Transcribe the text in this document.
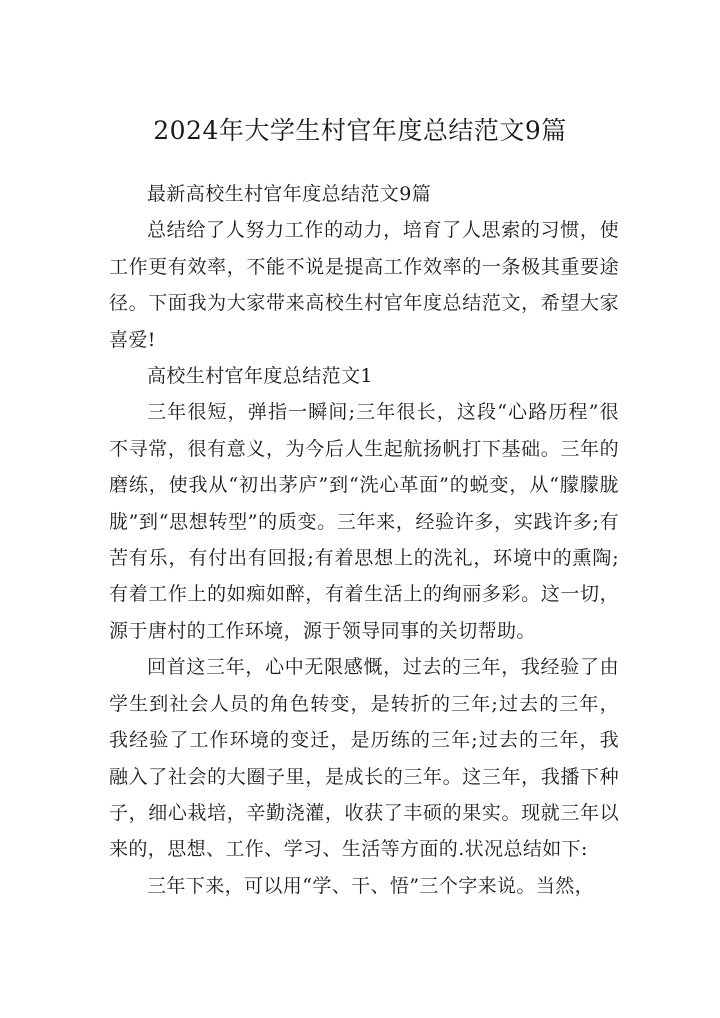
2024年大学生村官年度总结范文9篇

最新高校生村官年度总结范文9篇

总结给了人努力工作的动力，培育了人思索的习惯，使工作更有效率，不能不说是提高工作效率的一条极其重要途径。下面我为大家带来高校生村官年度总结范文，希望大家喜爱!

高校生村官年度总结范文1

三年很短，弹指一瞬间;三年很长，这段“心路历程”很不寻常，很有意义，为今后人生起航扬帆打下基础。三年的磨练，使我从“初出茅庐”到“洗心革面”的蜕变，从“朦朦胧胧”到“思想转型”的质变。三年来，经验许多，实践许多;有苦有乐，有付出有回报;有着思想上的洗礼，环境中的熏陶;有着工作上的如痴如醉，有着生活上的绚丽多彩。这一切，源于唐村的工作环境，源于领导同事的关切帮助。

回首这三年，心中无限感慨，过去的三年，我经验了由学生到社会人员的角色转变，是转折的三年;过去的三年，我经验了工作环境的变迁，是历练的三年;过去的三年，我融入了社会的大圈子里，是成长的三年。这三年，我播下种子，细心栽培，辛勤浇灌，收获了丰硕的果实。现就三年以来的，思想、工作、学习、生活等方面的.状况总结如下:

三年下来，可以用“学、干、悟”三个字来说。当然，
